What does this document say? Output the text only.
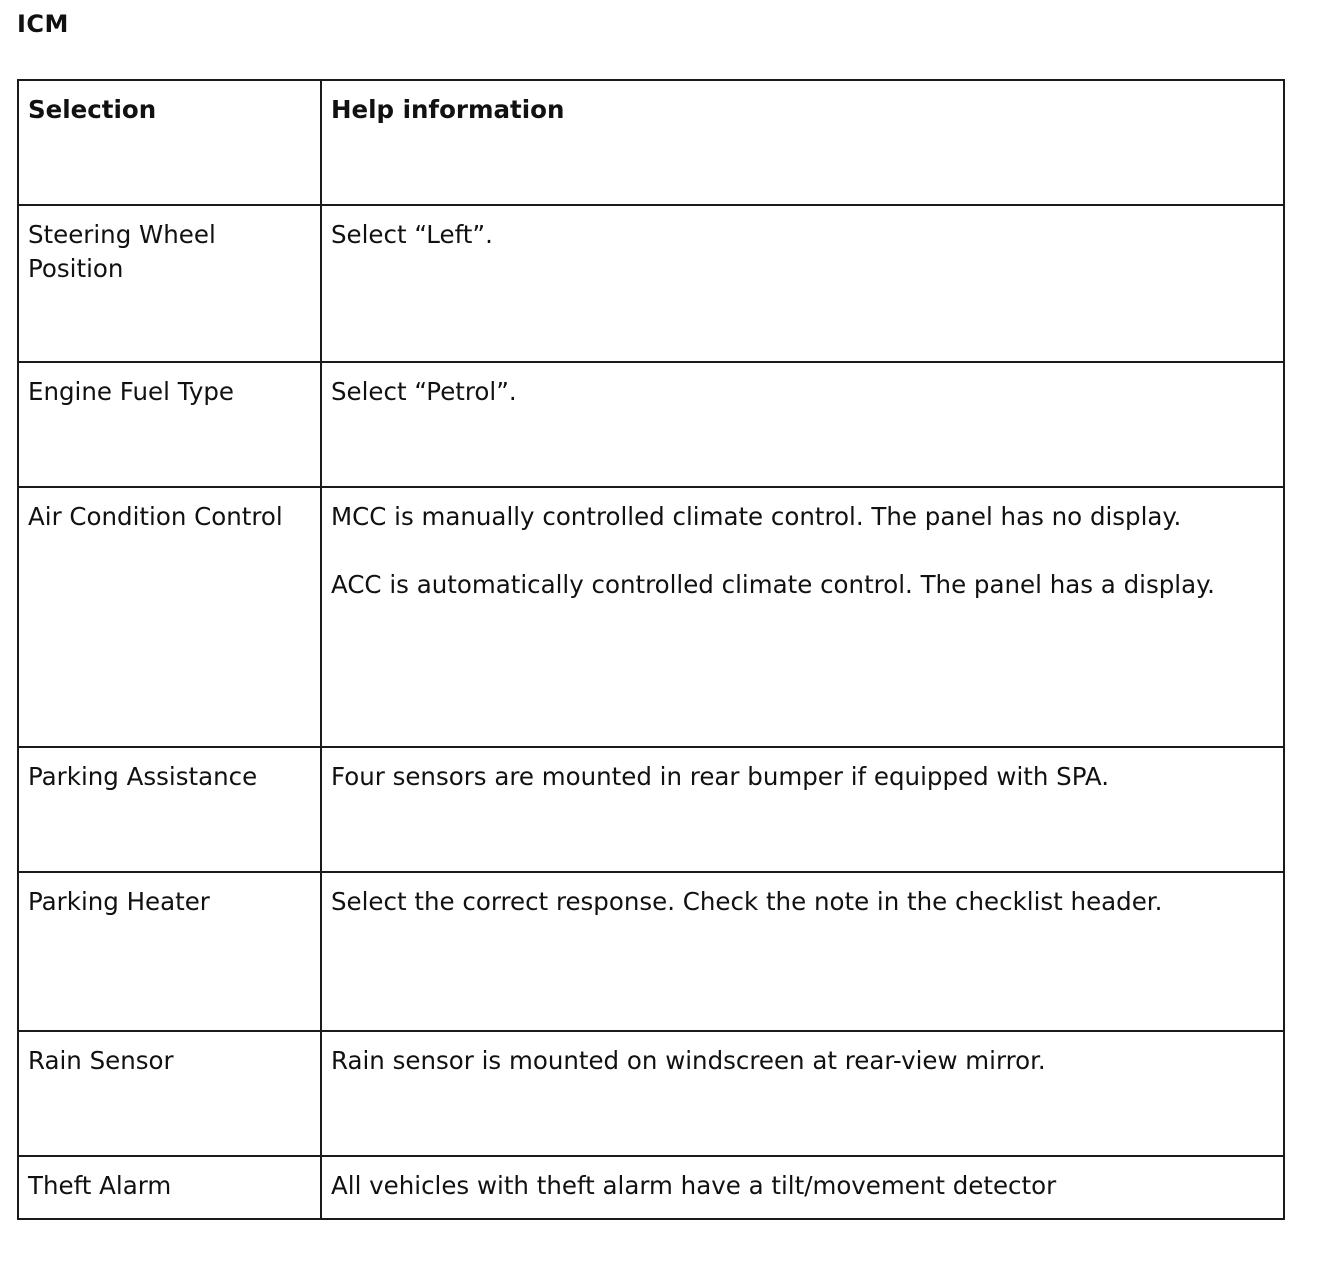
ICM
Selection	Help information
Steering Wheel Position	Select “Left”.

Engine Fuel Type	Select “Petrol”.

Air Condition Control	MCC is manually controlled climate control. The panel has no display.

ACC is automatically controlled climate control. The panel has a display.

Parking Assistance	Four sensors are mounted in rear bumper if equipped with SPA.

Parking Heater	Select the correct response. Check the note in the checklist header.

Rain Sensor	Rain sensor is mounted on windscreen at rear-view mirror.

Theft Alarm	All vehicles with theft alarm have a tilt/movement detector
